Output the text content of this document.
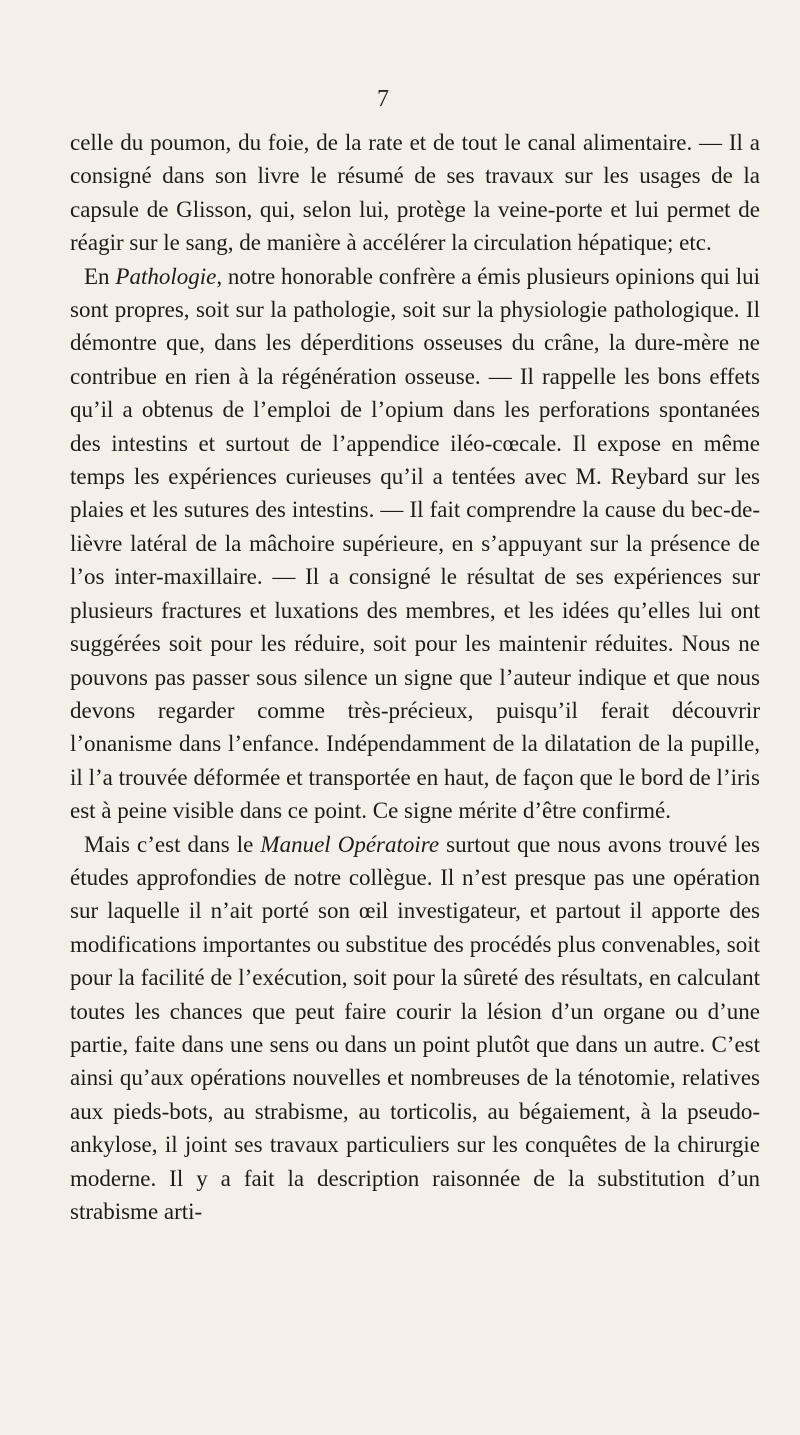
7

celle du poumon, du foie, de la rate et de tout le canal alimentaire. — Il a consigné dans son livre le résumé de ses travaux sur les usages de la capsule de Glisson, qui, selon lui, protège la veine-porte et lui permet de réagir sur le sang, de manière à accélérer la circulation hépatique; etc.

En Pathologie, notre honorable confrère a émis plusieurs opinions qui lui sont propres, soit sur la pathologie, soit sur la physiologie pathologique. Il démontre que, dans les déperditions osseuses du crâne, la dure-mère ne contribue en rien à la régénération osseuse. — Il rappelle les bons effets qu’il a obtenus de l’emploi de l’opium dans les perforations spontanées des intestins et surtout de l’appendice iléo-cœcale. Il expose en même temps les expériences curieuses qu’il a tentées avec M. Reybard sur les plaies et les sutures des intestins. — Il fait comprendre la cause du bec-de-lièvre latéral de la mâchoire supérieure, en s’appuyant sur la présence de l’os inter-maxillaire. — Il a consigné le résultat de ses expériences sur plusieurs fractures et luxations des membres, et les idées qu’elles lui ont suggérées soit pour les réduire, soit pour les maintenir réduites. Nous ne pouvons pas passer sous silence un signe que l’auteur indique et que nous devons regarder comme très-précieux, puisqu’il ferait découvrir l’onanisme dans l’enfance. Indépendamment de la dilatation de la pupille, il l’a trouvée déformée et transportée en haut, de façon que le bord de l’iris est à peine visible dans ce point. Ce signe mérite d’être confirmé.

Mais c’est dans le Manuel Opératoire surtout que nous avons trouvé les études approfondies de notre collègue. Il n’est presque pas une opération sur laquelle il n’ait porté son œil investigateur, et partout il apporte des modifications importantes ou substitue des procédés plus convenables, soit pour la facilité de l’exécution, soit pour la sûreté des résultats, en calculant toutes les chances que peut faire courir la lésion d’un organe ou d’une partie, faite dans une sens ou dans un point plutôt que dans un autre. C’est ainsi qu’aux opérations nouvelles et nombreuses de la ténotomie, relatives aux pieds-bots, au strabisme, au torticolis, au bégaiement, à la pseudo-ankylose, il joint ses travaux particuliers sur les conquêtes de la chirurgie moderne. Il y a fait la description raisonnée de la substitution d’un strabisme arti-
